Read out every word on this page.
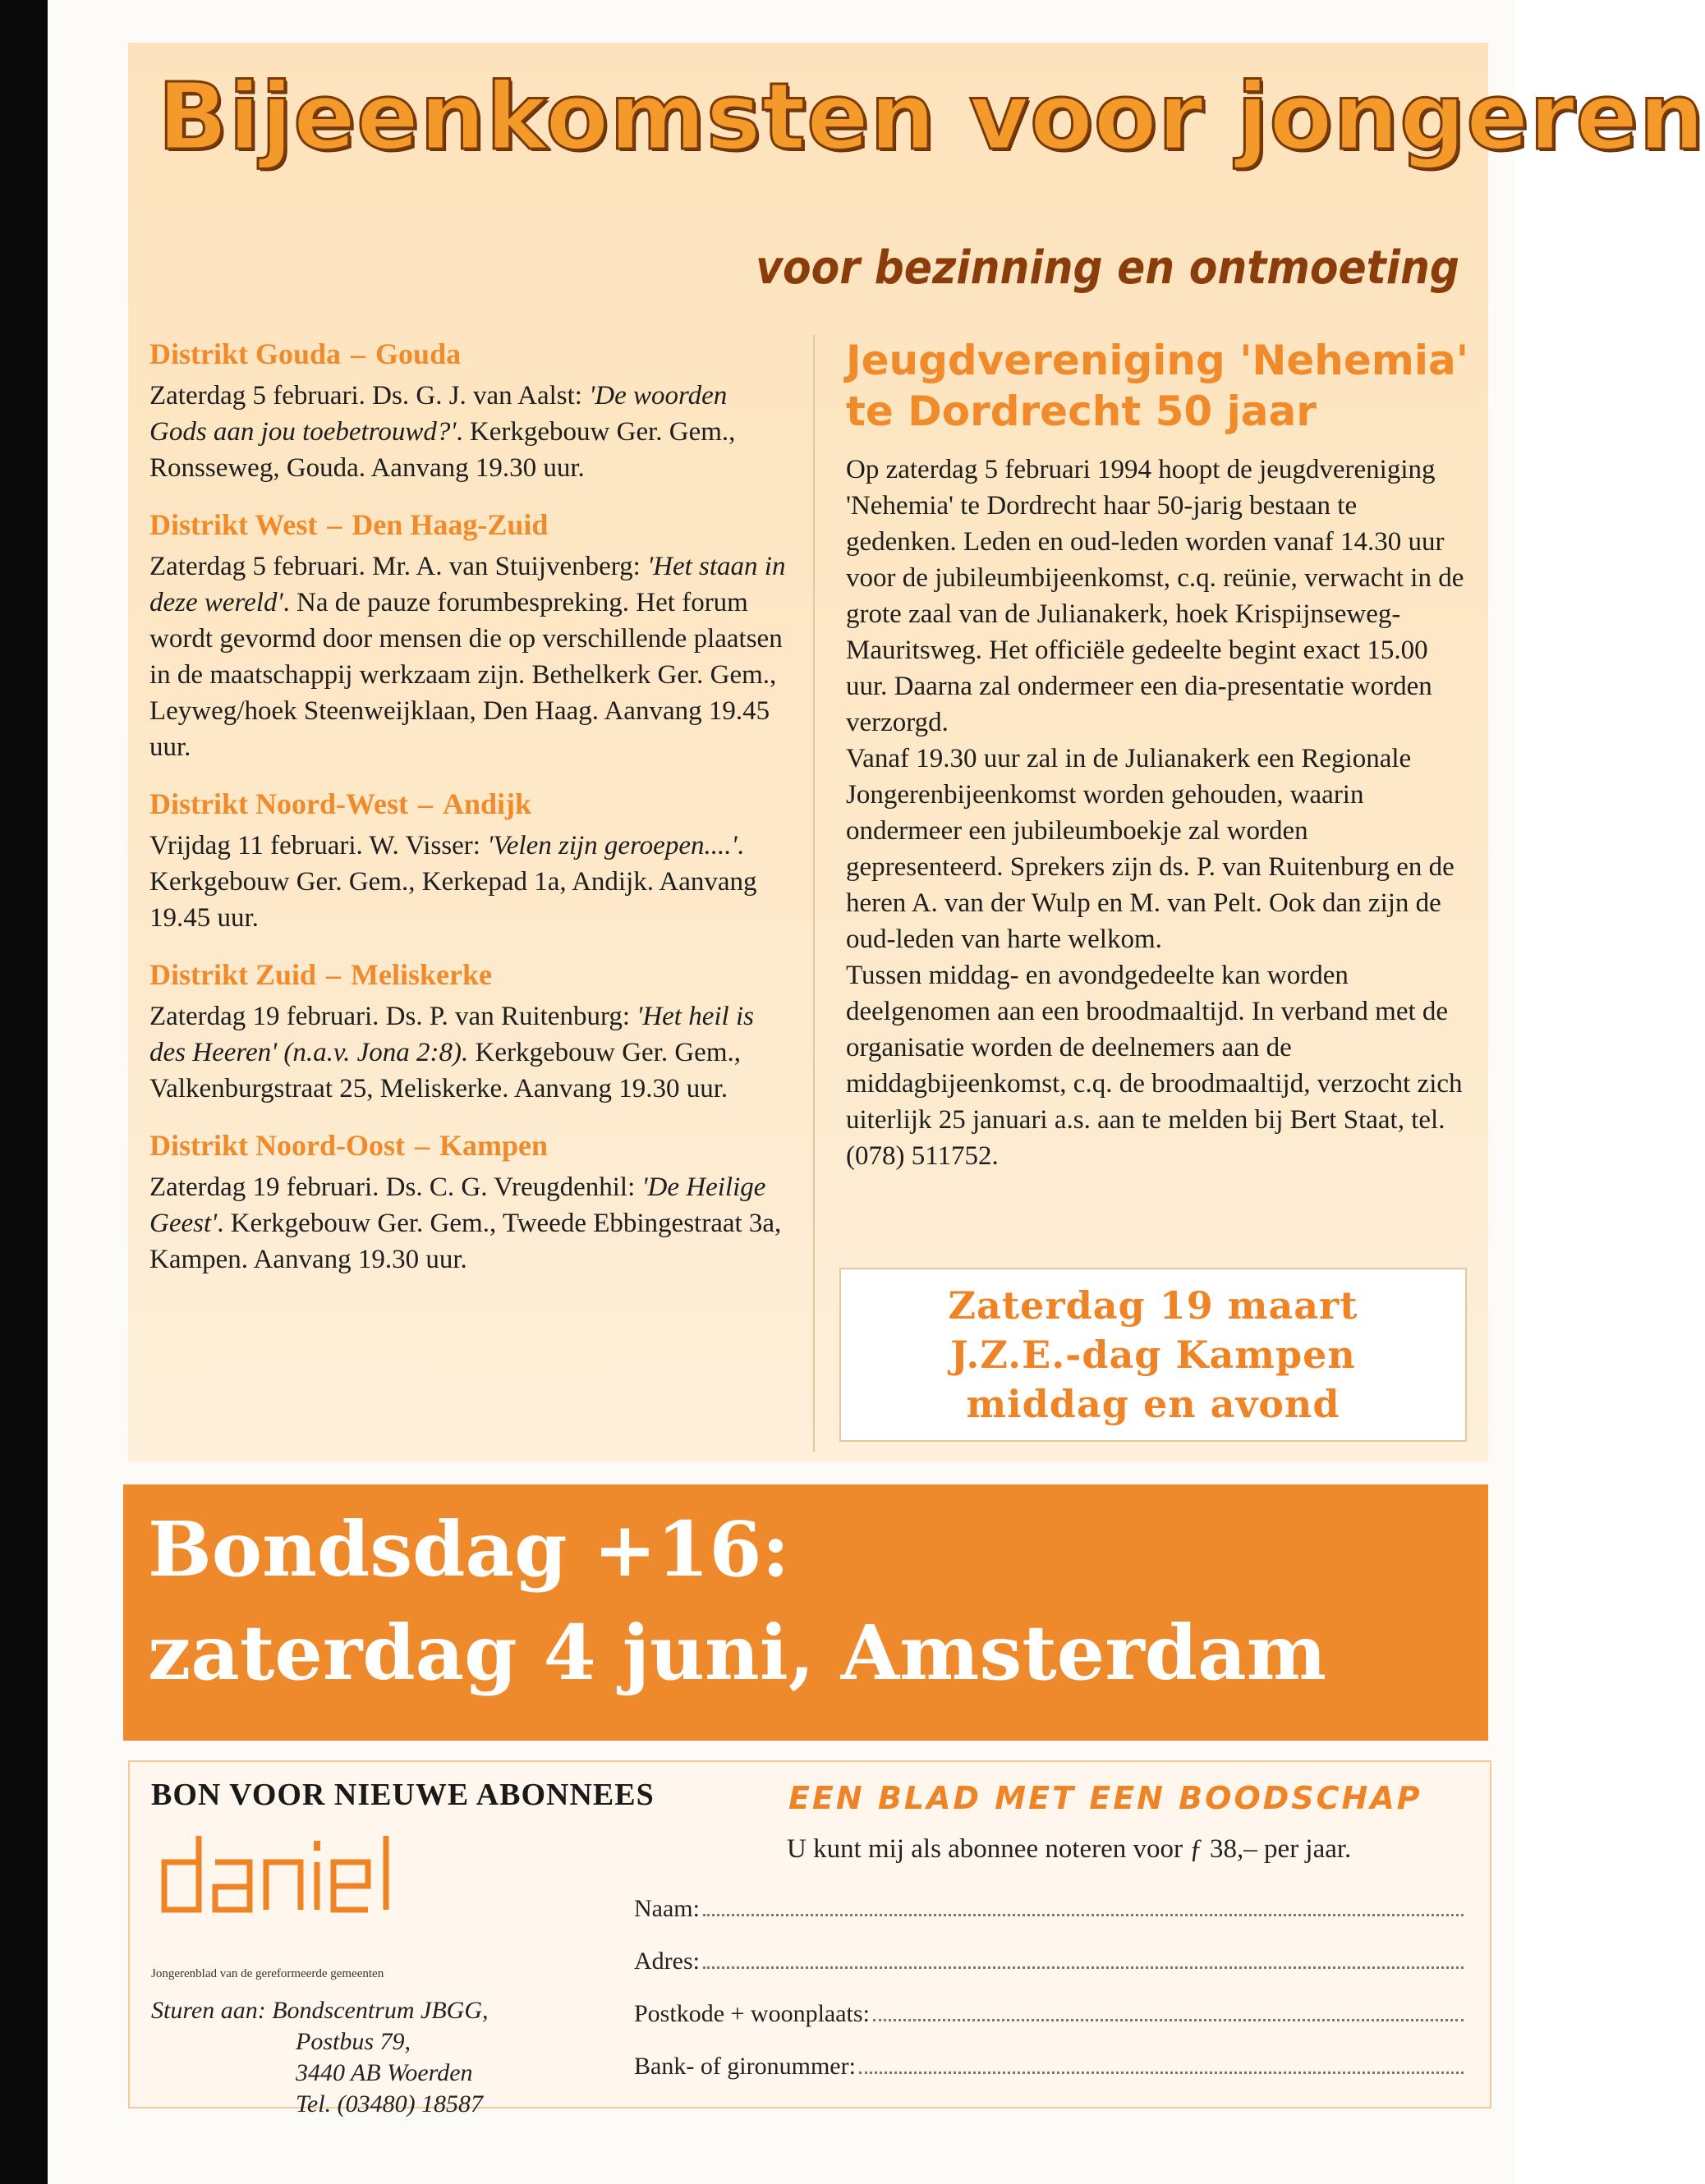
Bijeenkomsten voor jongeren
voor bezinning en ontmoeting
Distrikt Gouda – Gouda
Zaterdag 5 februari. Ds. G. J. van Aalst: 'De woorden Gods aan jou toebetrouwd?'. Kerkgebouw Ger. Gem., Ronsseweg, Gouda. Aanvang 19.30 uur.
Distrikt West – Den Haag-Zuid
Zaterdag 5 februari. Mr. A. van Stuijvenberg: 'Het staan in deze wereld'. Na de pauze forumbespreking. Het forum wordt gevormd door mensen die op verschillende plaatsen in de maatschappij werkzaam zijn. Bethelkerk Ger. Gem., Leyweg/hoek Steenweijklaan, Den Haag. Aanvang 19.45 uur.
Distrikt Noord-West – Andijk
Vrijdag 11 februari. W. Visser: 'Velen zijn geroepen....'. Kerkgebouw Ger. Gem., Kerkepad 1a, Andijk. Aanvang 19.45 uur.
Distrikt Zuid – Meliskerke
Zaterdag 19 februari. Ds. P. van Ruitenburg: 'Het heil is des Heeren' (n.a.v. Jona 2:8). Kerkgebouw Ger. Gem., Valkenburgstraat 25, Meliskerke. Aanvang 19.30 uur.
Distrikt Noord-Oost – Kampen
Zaterdag 19 februari. Ds. C. G. Vreugdenhil: 'De Heilige Geest'. Kerkgebouw Ger. Gem., Tweede Ebbingestraat 3a, Kampen. Aanvang 19.30 uur.
Jeugdvereniging 'Nehemia' te Dordrecht 50 jaar

Op zaterdag 5 februari 1994 hoopt de jeugdvereniging 'Nehemia' te Dordrecht haar 50-jarig bestaan te gedenken. Leden en oud-leden worden vanaf 14.30 uur voor de jubileumbijeenkomst, c.q. reünie, verwacht in de grote zaal van de Julianakerk, hoek Krispijnseweg-Mauritsweg. Het officiële gedeelte begint exact 15.00 uur. Daarna zal ondermeer een dia-presentatie worden verzorgd.

Vanaf 19.30 uur zal in de Julianakerk een Regionale Jongerenbijeenkomst worden gehouden, waarin ondermeer een jubileumboekje zal worden gepresenteerd. Sprekers zijn ds. P. van Ruitenburg en de heren A. van der Wulp en M. van Pelt. Ook dan zijn de oud-leden van harte welkom.

Tussen middag- en avondgedeelte kan worden deelgenomen aan een broodmaaltijd. In verband met de organisatie worden de deelnemers aan de middagbijeenkomst, c.q. de broodmaaltijd, verzocht zich uiterlijk 25 januari a.s. aan te melden bij Bert Staat, tel. (078) 511752.

Zaterdag 19 maart
J.Z.E.-dag Kampen
middag en avond
Bondsdag +16:
zaterdag 4 juni, Amsterdam
BON VOOR NIEUWE ABONNEES
Jongerenblad van de gereformeerde gemeenten
Sturen aan: Bondscentrum JBGG,
Postbus 79,
3440 AB Woerden
Tel. (03480) 18587
EEN BLAD MET EEN BOODSCHAP
U kunt mij als abonnee noteren voor ƒ 38,– per jaar.
Naam:
Adres:
Postkode + woonplaats:
Bank- of gironummer:
